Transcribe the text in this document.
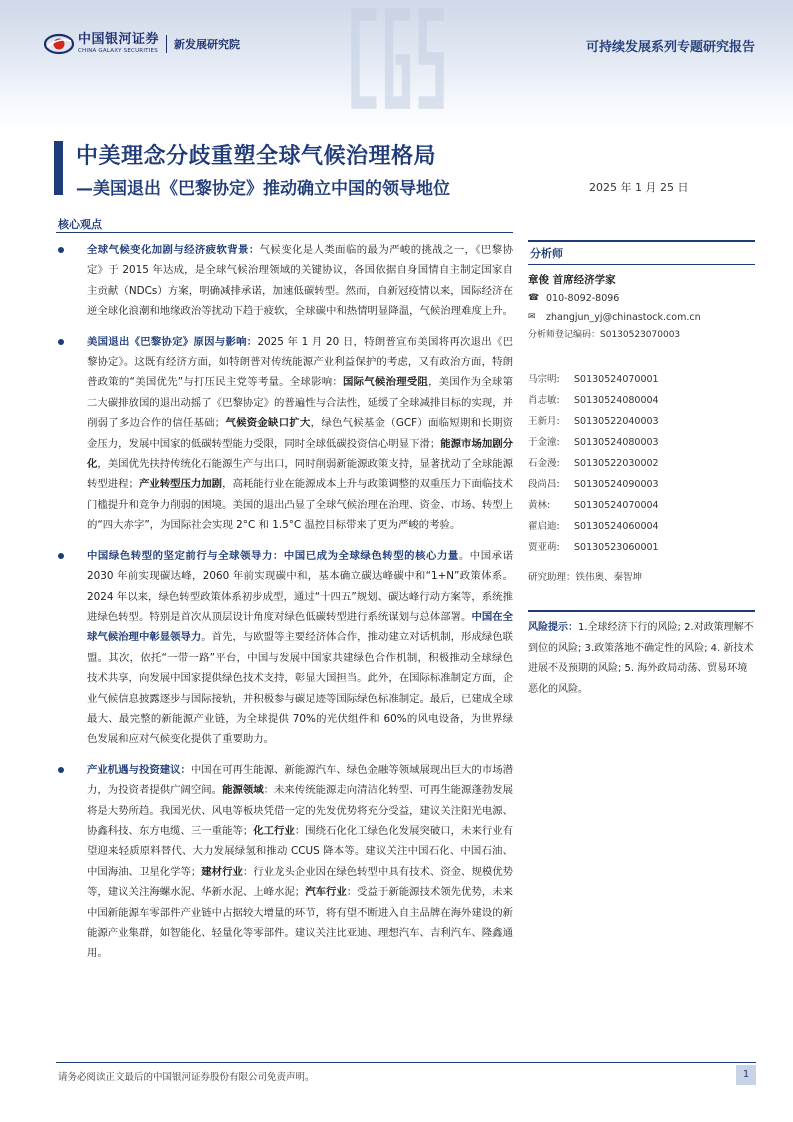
中国银河证券
CHINA GALAXY SECURITIES
新发展研究院	可持续发展系列专题研究报告
中美理念分歧重塑全球气候治理格局
—美国退出《巴黎协定》推动确立中国的领导地位	2025 年 1 月 25 日
核心观点

全球气候变化加剧与经济疲软背景：气候变化是人类面临的最为严峻的挑战之一，《巴黎协定》于 2015 年达成，是全球气候治理领域的关键协议，各国依据自身国情自主制定国家自主贡献（NDCs）方案，明确减排承诺，加速低碳转型。然而，自新冠疫情以来，国际经济在逆全球化浪潮和地缘政治等扰动下趋于疲软，全球碳中和热情明显降温，气候治理难度上升。

美国退出《巴黎协定》原因与影响：2025 年 1 月 20 日，特朗普宣布美国将再次退出《巴黎协定》。这既有经济方面，如特朗普对传统能源产业利益保护的考虑，又有政治方面，特朗普政策的“美国优先”与打压民主党等考量。全球影响：国际气候治理受阻，美国作为全球第二大碳排放国的退出动摇了《巴黎协定》的普遍性与合法性，延缓了全球减排目标的实现，并削弱了多边合作的信任基础；气候资金缺口扩大，绿色气候基金（GCF）面临短期和长期资金压力，发展中国家的低碳转型能力受限，同时全球低碳投资信心明显下滑；能源市场加剧分化，美国优先扶持传统化石能源生产与出口，同时削弱新能源政策支持，显著扰动了全球能源转型进程；产业转型压力加剧，高耗能行业在能源成本上升与政策调整的双重压力下面临技术门槛提升和竞争力削弱的困境。美国的退出凸显了全球气候治理在治理、资金、市场、转型上的“四大赤字”，为国际社会实现 2°C 和 1.5°C 温控目标带来了更为严峻的考验。

中国绿色转型的坚定前行与全球领导力：中国已成为全球绿色转型的核心力量。中国承诺 2030 年前实现碳达峰，2060 年前实现碳中和，基本确立碳达峰碳中和“1+N”政策体系。2024 年以来，绿色转型政策体系初步成型，通过“十四五”规划、碳达峰行动方案等，系统推进绿色转型。特别是首次从顶层设计角度对绿色低碳转型进行系统谋划与总体部署。中国在全球气候治理中彰显领导力。首先，与欧盟等主要经济体合作，推动建立对话机制，形成绿色联盟。其次，依托“一带一路”平台，中国与发展中国家共建绿色合作机制，积极推动全球绿色技术共享，向发展中国家提供绿色技术支持，彰显大国担当。此外，在国际标准制定方面，企业气候信息披露逐步与国际接轨，并积极参与碳足迹等国际绿色标准制定。最后，已建成全球最大、最完整的新能源产业链，为全球提供 70%的光伏组件和 60%的风电设备，为世界绿色发展和应对气候变化提供了重要助力。

产业机遇与投资建议：中国在可再生能源、新能源汽车、绿色金融等领域展现出巨大的市场潜力，为投资者提供广阔空间。能源领域：未来传统能源走向清洁化转型、可再生能源蓬勃发展将是大势所趋。我国光伏、风电等板块凭借一定的先发优势将充分受益，建议关注阳光电源、协鑫科技、东方电缆、三一重能等；化工行业：围绕石化化工绿色化发展突破口，未来行业有望迎来轻质原料替代、大力发展绿氢和推动 CCUS 降本等。建议关注中国石化、中国石油、中国海油、卫星化学等；建材行业：行业龙头企业因在绿色转型中具有技术、资金、规模优势等，建议关注海螺水泥、华新水泥、上峰水泥；汽车行业：受益于新能源技术领先优势，未来中国新能源车零部件产业链中占据较大增量的环节，将有望不断进入自主品牌在海外建设的新能源产业集群，如智能化、轻量化等零部件。建议关注比亚迪、理想汽车、吉利汽车、隆鑫通用。

分析师
章俊 首席经济学家
☎ 010-8092-8096
✉	zhangjun_yj@chinastock.com.cn
分析师登记编码：S0130523070003
马宗明:	S0130524070001
肖志敏:	S0130524080004
王新月:	S0130522040003
于金潼:	S0130524080003
石金漫:	S0130522030002
段尚昌:	S0130524090003
黄林:	S0130524070004
翟启迪:	S0130524060004
贾亚萌:	S0130523060001
研究助理：铁伟奥、秦智坤
风险提示：1.全球经济下行的风险; 2.对政策理解不到位的风险; 3.政策落地不确定性的风险; 4. 新技术进展不及预期的风险; 5. 海外政局动荡、贸易环境恶化的风险。
请务必阅读正文最后的中国银河证券股份有限公司免责声明。	1
